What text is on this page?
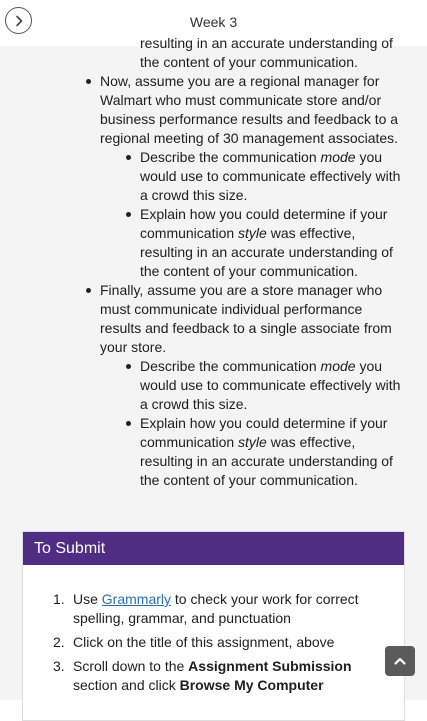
Week 3
resulting in an accurate understanding of
the content of your communication.
Now, assume you are a regional manager for
Walmart who must communicate store and/or
business performance results and feedback to a
regional meeting of 30 management associates.
Describe the communication mode you
would use to communicate effectively with
a crowd this size.
Explain how you could determine if your
communication style was effective,
resulting in an accurate understanding of
the content of your communication.
Finally, assume you are a store manager who
must communicate individual performance
results and feedback to a single associate from
your store.
Describe the communication mode you
would use to communicate effectively with
a crowd this size.
Explain how you could determine if your
communication style was effective,
resulting in an accurate understanding of
the content of your communication.
To Submit
1. Use Grammarly to check your work for correct
spelling, grammar, and punctuation
2. Click on the title of this assignment, above
3. Scroll down to the Assignment Submission
section and click Browse My Computer
